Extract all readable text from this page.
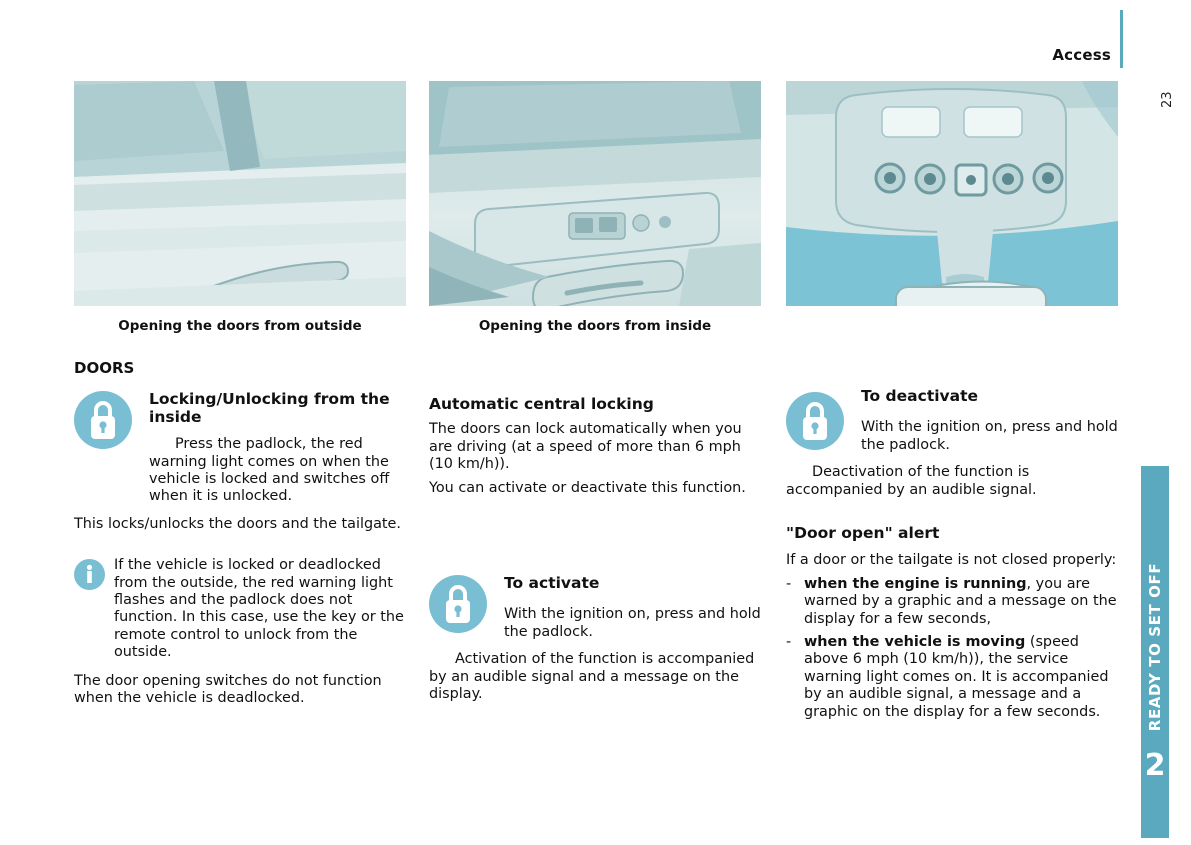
Access
23
READY TO SET OFF
2
Opening the doors from outside	Opening the doors from inside
DOORS
Locking/Unlocking from the inside
Press the padlock, the red warning light comes on when the vehicle is locked and switches off when it is unlocked.

This locks/unlocks the doors and the tailgate.

If the vehicle is locked or deadlocked from the outside, the red warning light flashes and the padlock does not function. In this case, use the key or the remote control to unlock from the outside.

The door opening switches do not function when the vehicle is deadlocked.

Automatic central locking

The doors can lock automatically when you are driving (at a speed of more than 6 mph (10 km/h)).

You can activate or deactivate this function.

To activate

With the ignition on, press and hold the padlock.

Activation of the function is accompanied by an audible signal and a message on the display.

To deactivate

With the ignition on, press and hold the padlock.

Deactivation of the function is accompanied by an audible signal.

"Door open" alert

If a door or the tailgate is not closed properly:

- when the engine is running, you are warned by a graphic and a message on the display for a few seconds,
- when the vehicle is moving (speed above 6 mph (10 km/h)), the service warning light comes on. It is accompanied by an audible signal, a message and a graphic on the display for a few seconds.
